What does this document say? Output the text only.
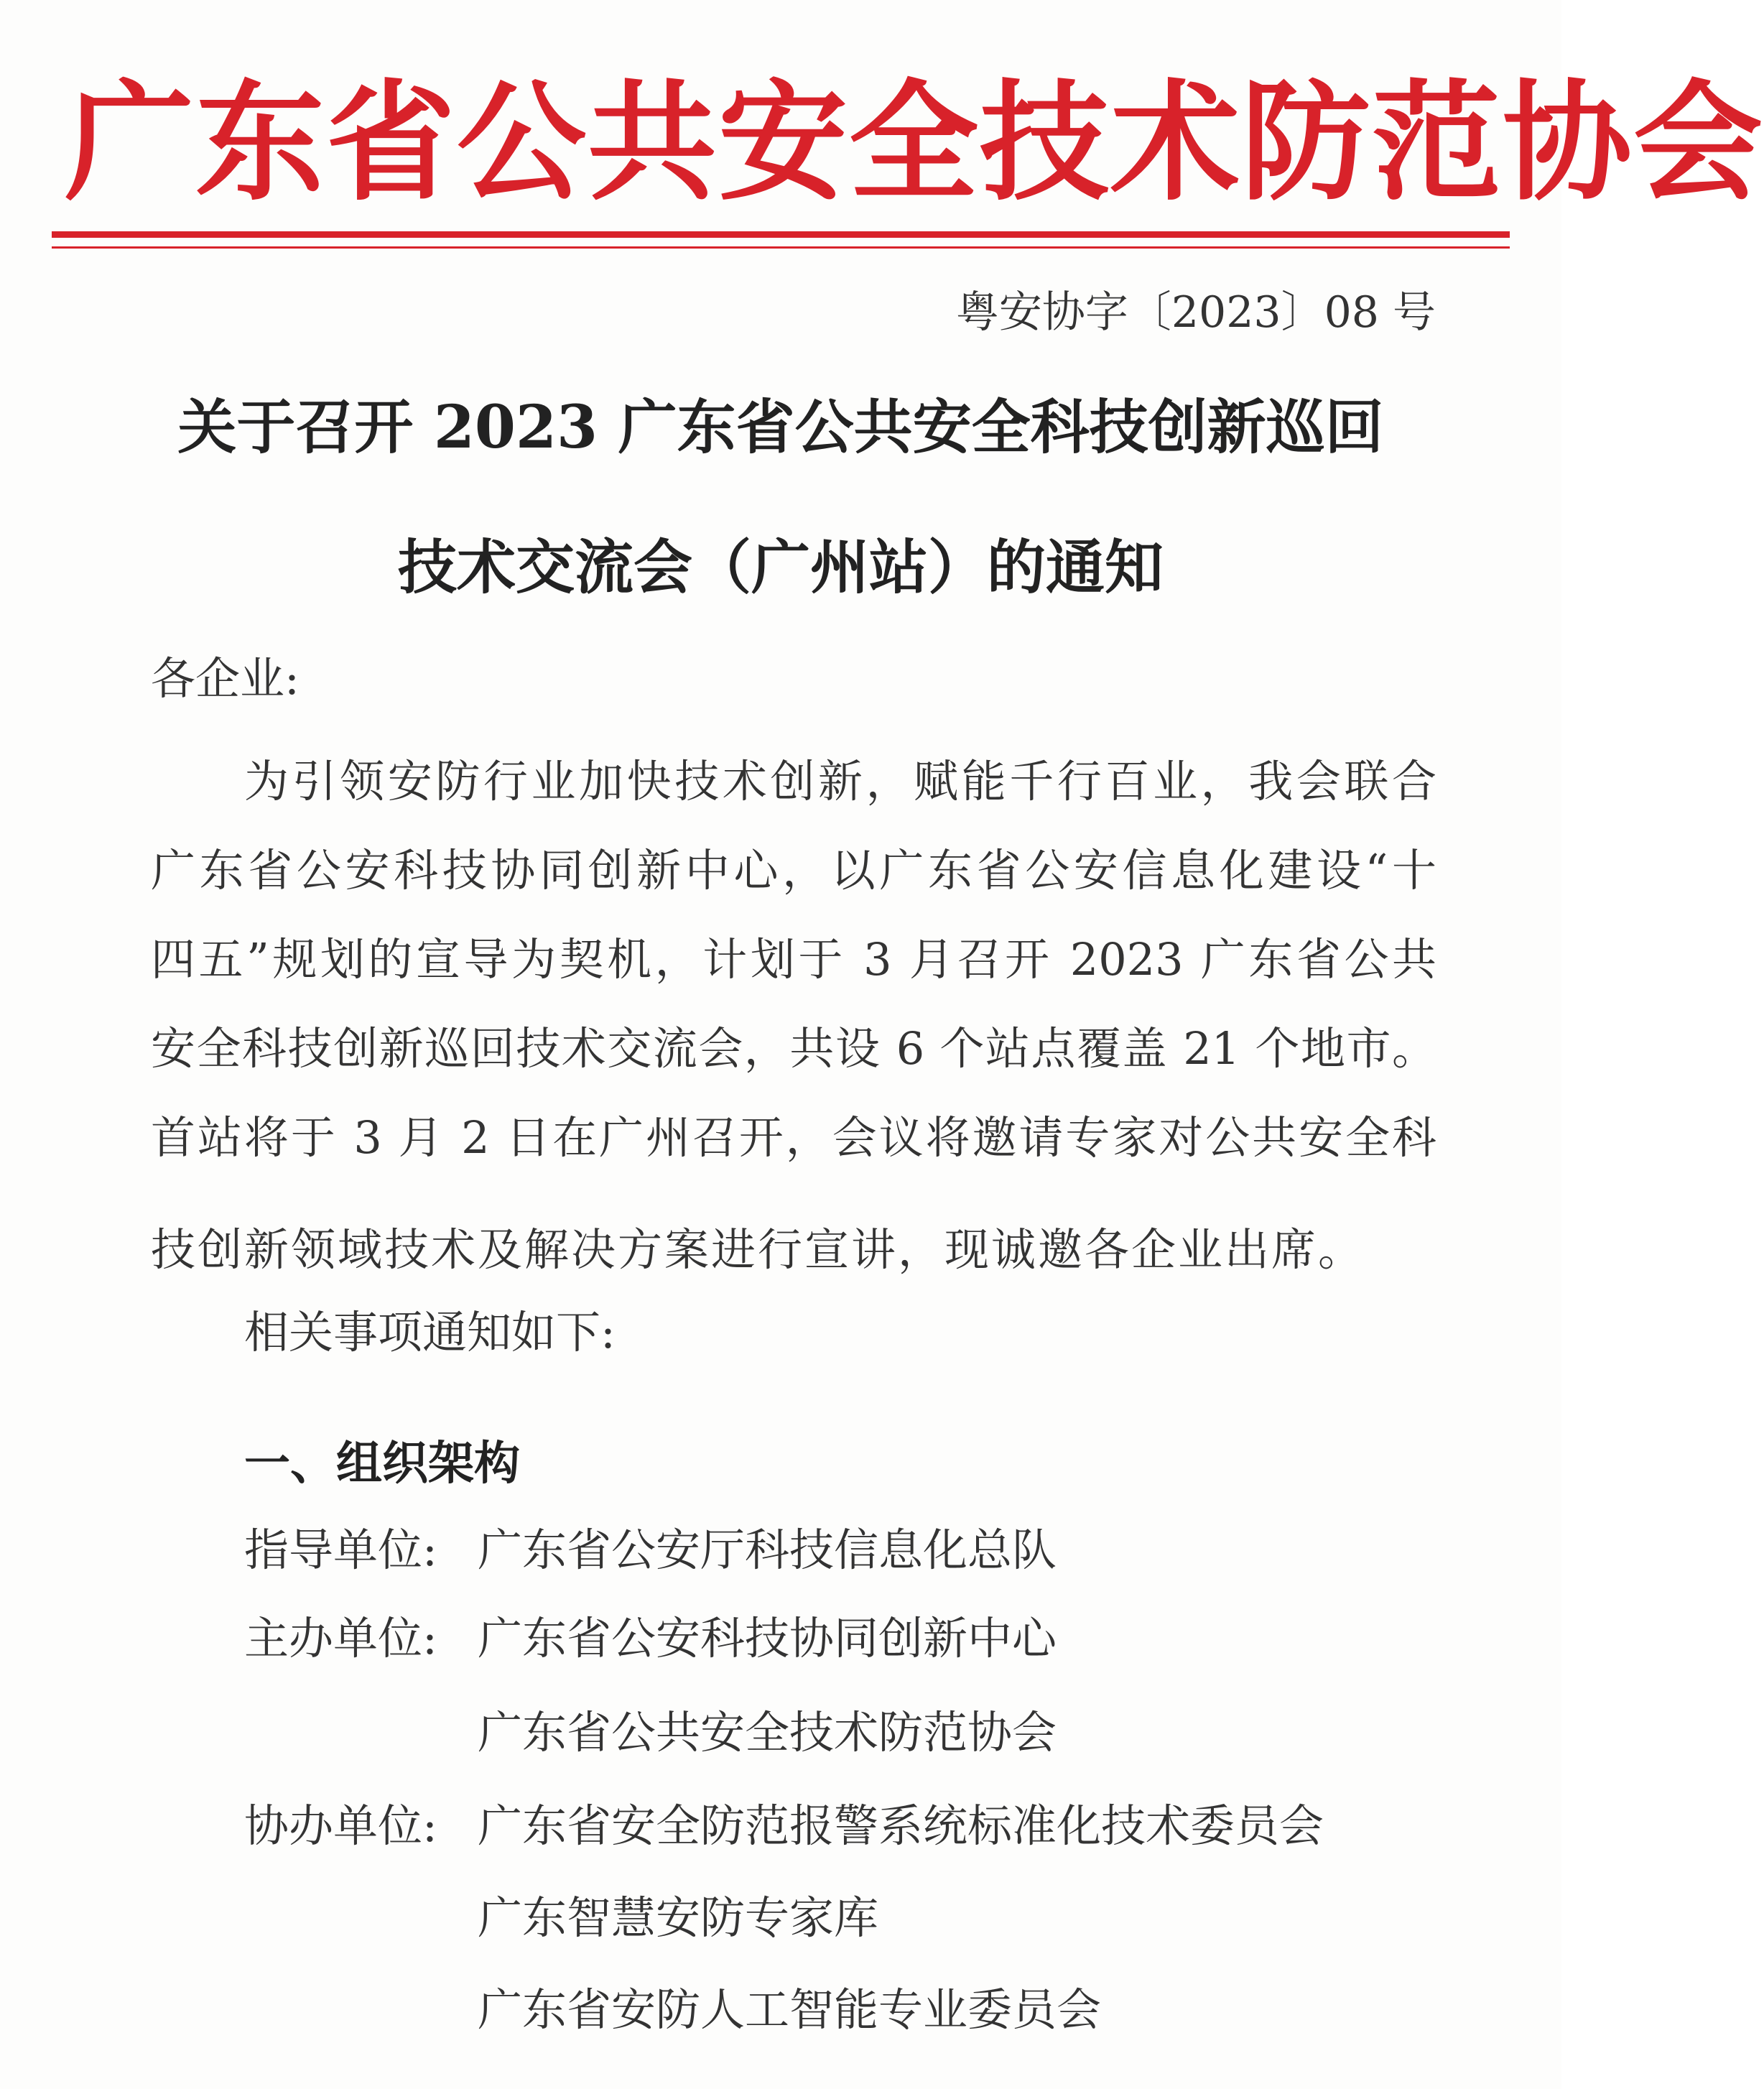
广东省公共安全技术防范协会
粤安协字〔2023〕08 号
关于召开 2023 广东省公共安全科技创新巡回
技术交流会（广州站）的通知
各企业:
为引领安防行业加快技术创新，赋能千行百业，我会联合
广东省公安科技协同创新中心，以广东省公安信息化建设“十
四五”规划的宣导为契机，计划于 3 月召开 2023 广东省公共
安全科技创新巡回技术交流会，共设 6 个站点覆盖 21 个地市。
首站将于 3 月 2 日在广州召开，会议将邀请专家对公共安全科
技创新领域技术及解决方案进行宣讲，现诚邀各企业出席。
相关事项通知如下:
一、组织架构
指导单位: 广东省公安厅科技信息化总队
主办单位: 广东省公安科技协同创新中心
广东省公共安全技术防范协会
协办单位: 广东省安全防范报警系统标准化技术委员会
广东智慧安防专家库
广东省安防人工智能专业委员会
